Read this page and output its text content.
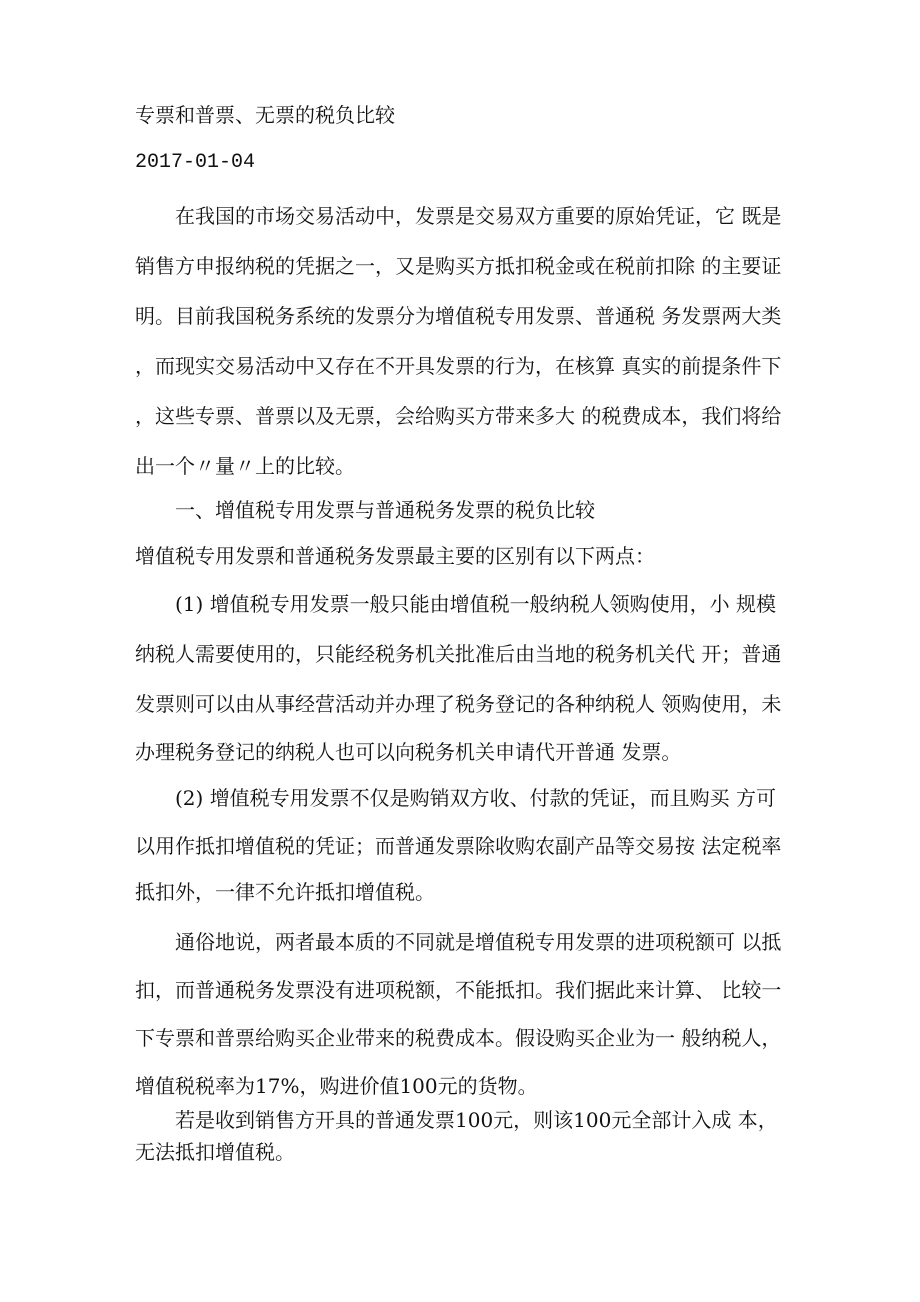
专票和普票、无票的税负比较
2017-01-04
在我国的市场交易活动中，发票是交易双方重要的原始凭证，它 既是
销售方申报纳税的凭据之一，又是购买方抵扣税金或在税前扣除 的主要证
明。目前我国税务系统的发票分为增值税专用发票、普通税 务发票两大类
，而现实交易活动中又存在不开具发票的行为，在核算 真实的前提条件下
，这些专票、普票以及无票，会给购买方带来多大 的税费成本，我们将给
出一个〃量〃上的比较。
一、增值税专用发票与普通税务发票的税负比较
增值税专用发票和普通税务发票最主要的区别有以下两点：
(1) 增值税专用发票一般只能由增值税一般纳税人领购使用，小 规模
纳税人需要使用的，只能经税务机关批准后由当地的税务机关代 开；普通
发票则可以由从事经营活动并办理了税务登记的各种纳税人 领购使用，未
办理税务登记的纳税人也可以向税务机关申请代开普通 发票。
(2) 增值税专用发票不仅是购销双方收、付款的凭证，而且购买 方可
以用作抵扣增值税的凭证；而普通发票除收购农副产品等交易按 法定税率
抵扣外，一律不允许抵扣增值税。
通俗地说，两者最本质的不同就是增值税专用发票的进项税额可 以抵
扣，而普通税务发票没有进项税额，不能抵扣。我们据此来计算、 比较一
下专票和普票给购买企业带来的税费成本。假设购买企业为一 般纳税人，
增值税税率为17%，购进价值100元的货物。
若是收到销售方开具的普通发票100元，则该100元全部计入成 本，
无法抵扣增值税。
